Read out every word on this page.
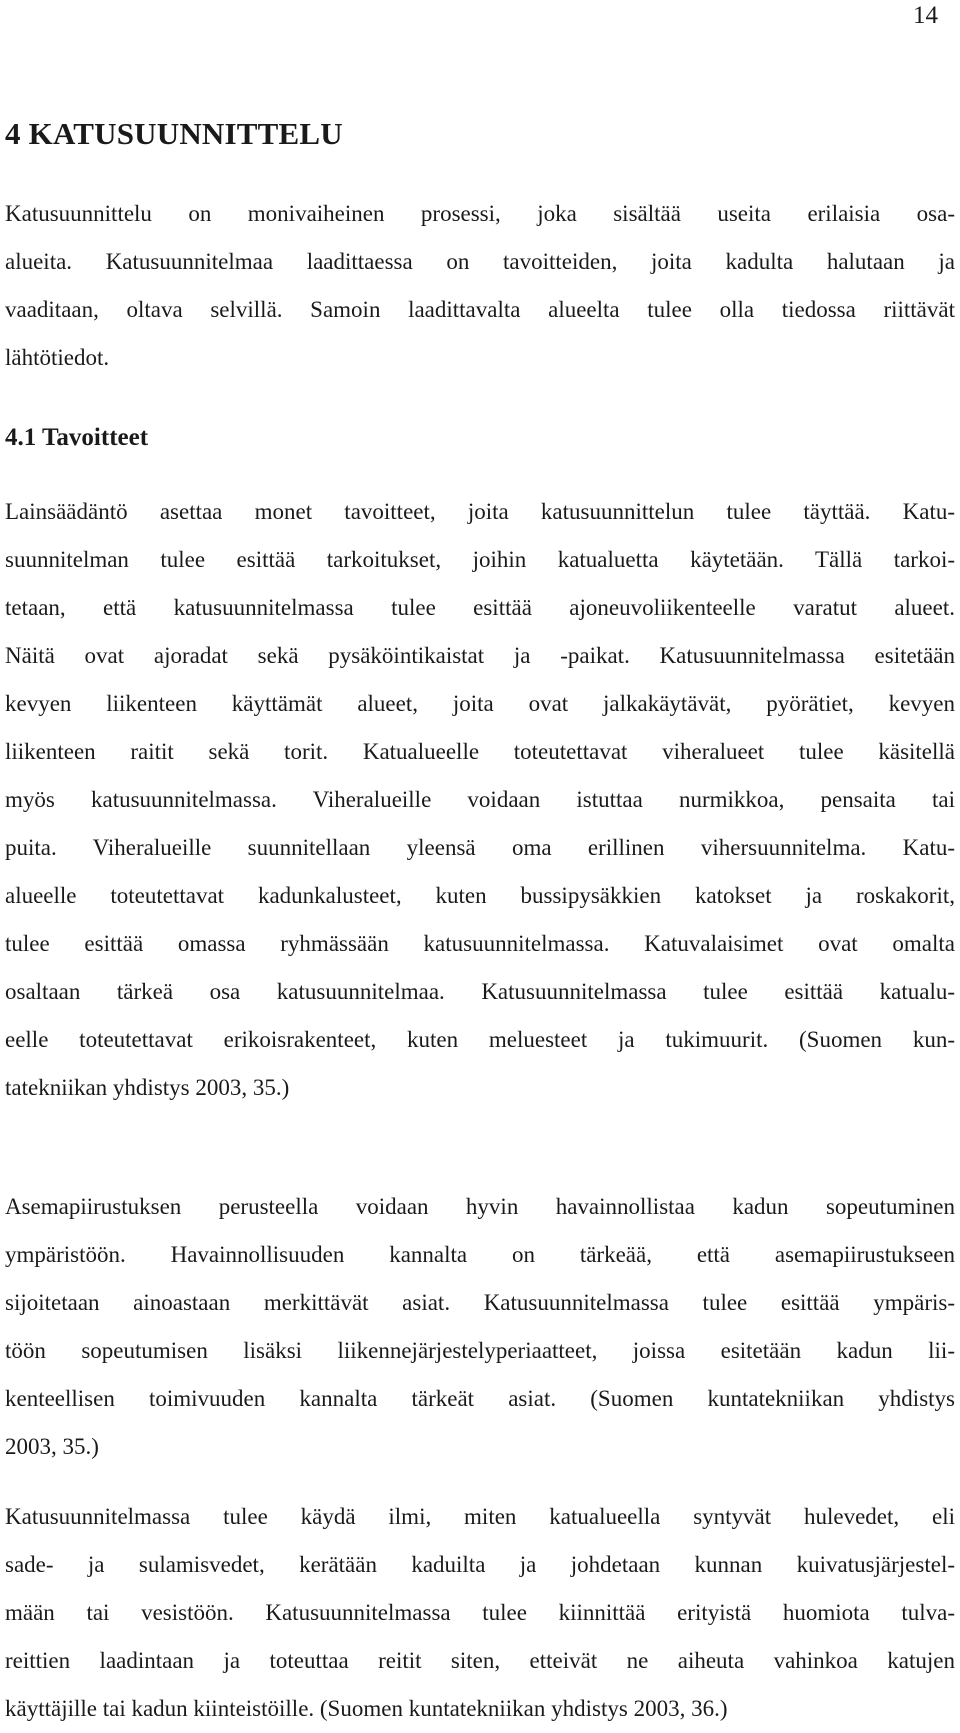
14
4 KATUSUUNNITTELU
Katusuunnittelu on monivaiheinen prosessi, joka sisältää useita erilaisia osa-
alueita. Katusuunnitelmaa laadittaessa on tavoitteiden, joita kadulta halutaan ja
vaaditaan, oltava selvillä. Samoin laadittavalta alueelta tulee olla tiedossa riittävät
lähtötiedot.
4.1 Tavoitteet
Lainsäädäntö asettaa monet tavoitteet, joita katusuunnittelun tulee täyttää. Katu-
suunnitelman tulee esittää tarkoitukset, joihin katualuetta käytetään. Tällä tarkoi-
tetaan, että katusuunnitelmassa tulee esittää ajoneuvoliikenteelle varatut alueet.
Näitä ovat ajoradat sekä pysäköintikaistat ja -paikat. Katusuunnitelmassa esitetään
kevyen liikenteen käyttämät alueet, joita ovat jalkakäytävät, pyörätiet, kevyen
liikenteen raitit sekä torit. Katualueelle toteutettavat viheralueet tulee käsitellä
myös katusuunnitelmassa. Viheralueille voidaan istuttaa nurmikkoa, pensaita tai
puita. Viheralueille suunnitellaan yleensä oma erillinen vihersuunnitelma. Katu-
alueelle toteutettavat kadunkalusteet, kuten bussipysäkkien katokset ja roskakorit,
tulee esittää omassa ryhmässään katusuunnitelmassa. Katuvalaisimet ovat omalta
osaltaan tärkeä osa katusuunnitelmaa. Katusuunnitelmassa tulee esittää katualu-
eelle toteutettavat erikoisrakenteet, kuten meluesteet ja tukimuurit. (Suomen kun-
tatekniikan yhdistys 2003, 35.)
Asemapiirustuksen perusteella voidaan hyvin havainnollistaa kadun sopeutuminen
ympäristöön. Havainnollisuuden kannalta on tärkeää, että asemapiirustukseen
sijoitetaan ainoastaan merkittävät asiat. Katusuunnitelmassa tulee esittää ympäris-
töön sopeutumisen lisäksi liikennejärjestelyperiaatteet, joissa esitetään kadun lii-
kenteellisen toimivuuden kannalta tärkeät asiat. (Suomen kuntatekniikan yhdistys
2003, 35.)
Katusuunnitelmassa tulee käydä ilmi, miten katualueella syntyvät hulevedet, eli
sade- ja sulamisvedet, kerätään kaduilta ja johdetaan kunnan kuivatusjärjestel-
mään tai vesistöön. Katusuunnitelmassa tulee kiinnittää erityistä huomiota tulva-
reittien laadintaan ja toteuttaa reitit siten, etteivät ne aiheuta vahinkoa katujen
käyttäjille tai kadun kiinteistöille. (Suomen kuntatekniikan yhdistys 2003, 36.)
